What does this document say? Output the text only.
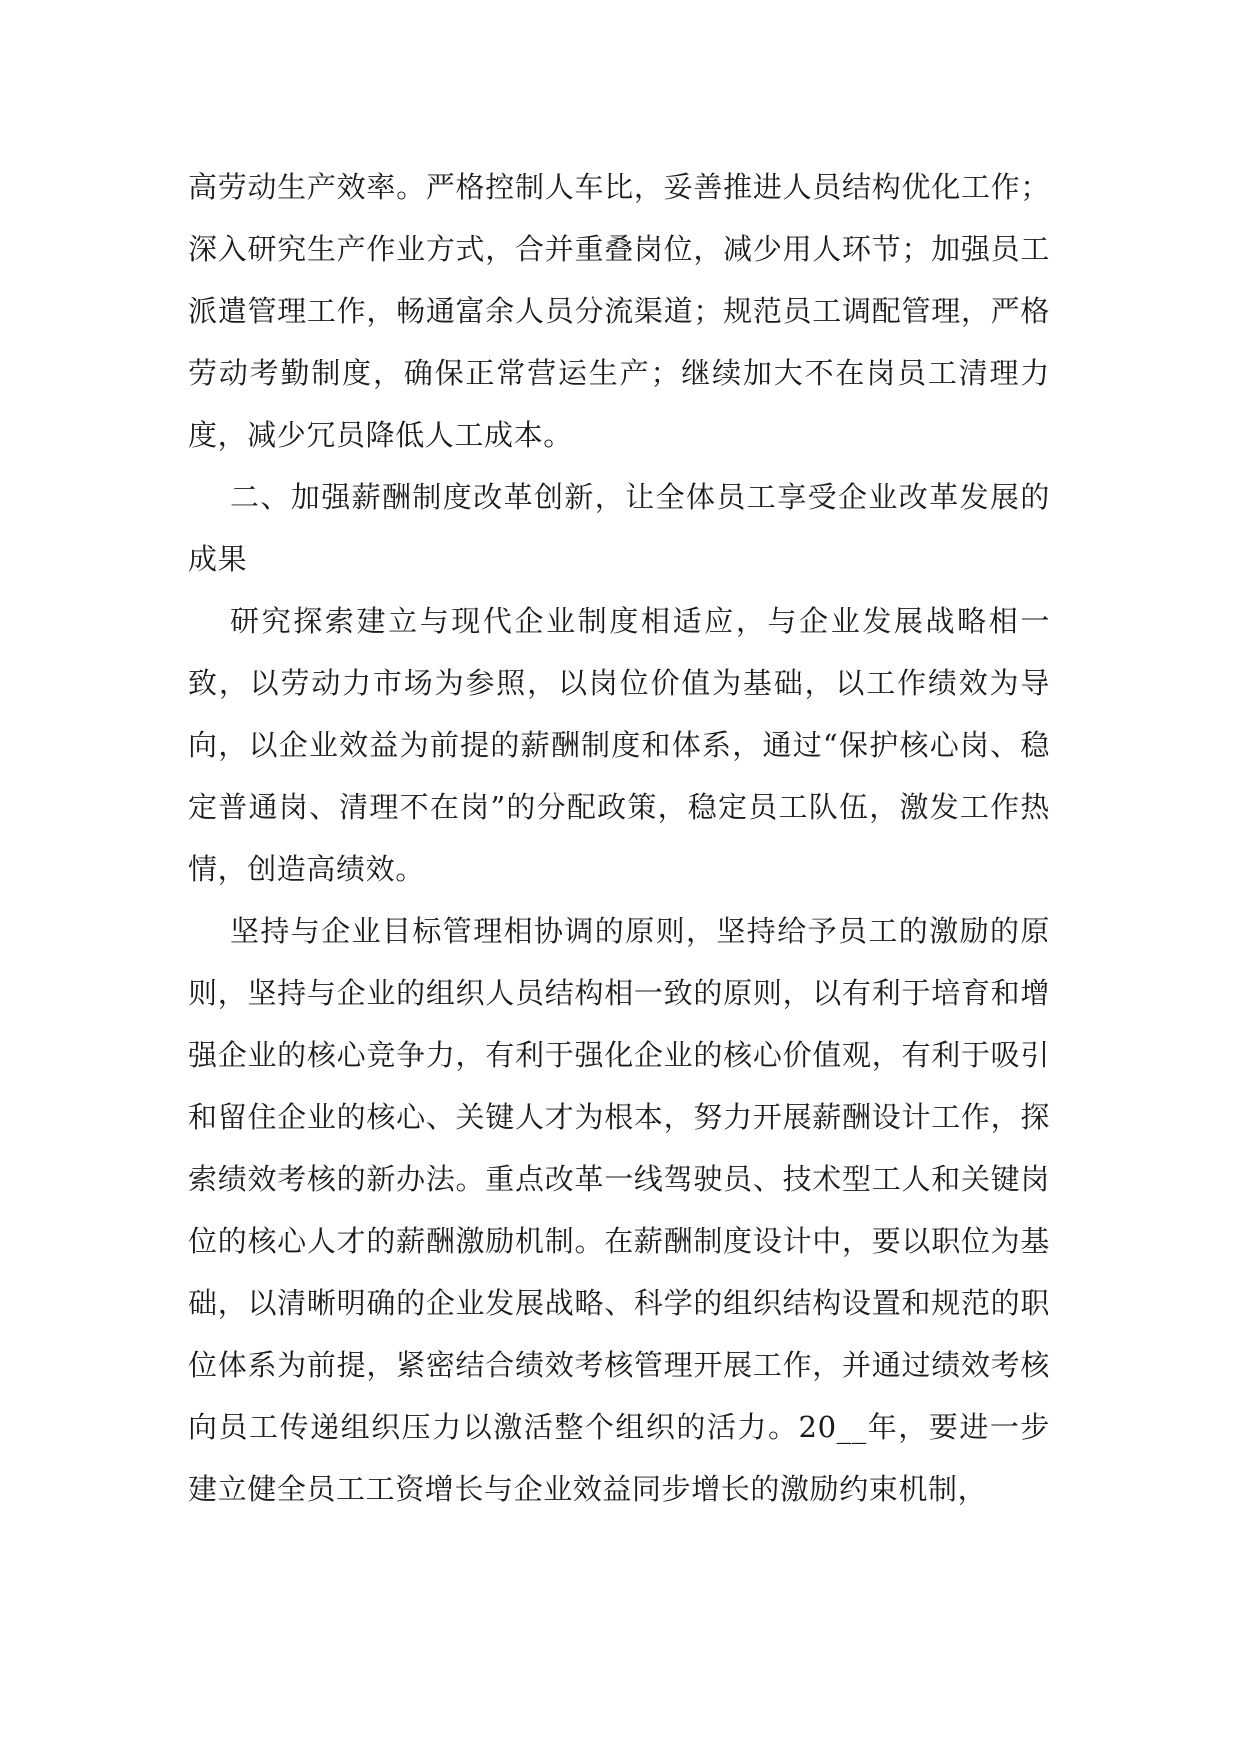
高劳动生产效率。严格控制人车比，妥善推进人员结构优化工作；深入研究生产作业方式，合并重叠岗位，减少用人环节；加强员工派遣管理工作，畅通富余人员分流渠道；规范员工调配管理，严格劳动考勤制度，确保正常营运生产；继续加大不在岗员工清理力度，减少冗员降低人工成本。

二、加强薪酬制度改革创新，让全体员工享受企业改革发展的成果

研究探索建立与现代企业制度相适应，与企业发展战略相一致，以劳动力市场为参照，以岗位价值为基础，以工作绩效为导向，以企业效益为前提的薪酬制度和体系，通过“保护核心岗、稳定普通岗、清理不在岗”的分配政策，稳定员工队伍，激发工作热情，创造高绩效。

坚持与企业目标管理相协调的原则，坚持给予员工的激励的原则，坚持与企业的组织人员结构相一致的原则，以有利于培育和增强企业的核心竞争力，有利于强化企业的核心价值观，有利于吸引和留住企业的核心、关键人才为根本，努力开展薪酬设计工作，探索绩效考核的新办法。重点改革一线驾驶员、技术型工人和关键岗位的核心人才的薪酬激励机制。在薪酬制度设计中，要以职位为基础，以清晰明确的企业发展战略、科学的组织结构设置和规范的职位体系为前提，紧密结合绩效考核管理开展工作，并通过绩效考核向员工传递组织压力以激活整个组织的活力。20__年，要进一步建立健全员工工资增长与企业效益同步增长的激励约束机制，
